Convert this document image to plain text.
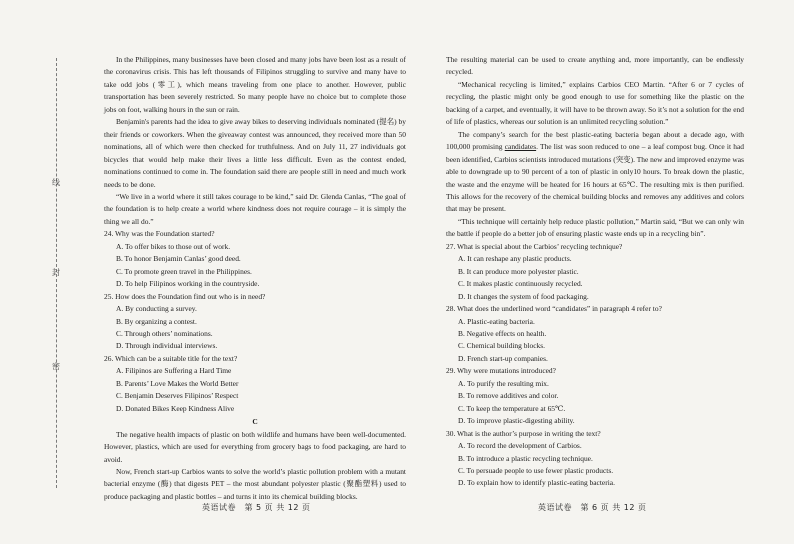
线
封
密

In the Philippines, many businesses have been closed and many jobs have been lost as a result of the coronavirus crisis. This has left thousands of Filipinos struggling to survive and many have to take odd jobs (零工), which means traveling from one place to another. However, public transportation has been severely restricted. So many people have no choice but to complete those jobs on foot, walking hours in the sun or rain.

Benjamin's parents had the idea to give away bikes to deserving individuals nominated (提名) by their friends or coworkers. When the giveaway contest was announced, they received more than 50 nominations, all of which were then checked for truthfulness. And on July 11, 27 individuals got bicycles that would help make their lives a little less difficult. Even as the contest ended, nominations continued to come in. The foundation said there are people still in need and much work needs to be done.

“We live in a world where it still takes courage to be kind,” said Dr. Glenda Canlas, “The goal of the foundation is to help create a world where kindness does not require courage – it is simply the thing we all do.”

24. Why was the Foundation started?

A. To offer bikes to those out of work.

B. To honor Benjamin Canlas’ good deed.

C. To promote green travel in the Philippines.

D. To help Filipinos working in the countryside.

25. How does the Foundation find out who is in need?

A. By conducting a survey.

B. By organizing a contest.

C. Through others’ nominations.

D. Through individual interviews.

26. Which can be a suitable title for the text?

A. Filipinos are Suffering a Hard Time

B. Parents’ Love Makes the World Better

C. Benjamin Deserves Filipinos’ Respect

D. Donated Bikes Keep Kindness Alive

C

The negative health impacts of plastic on both wildlife and humans have been well-documented. However, plastics, which are used for everything from grocery bags to food packaging, are hard to avoid.

Now, French start-up Carbios wants to solve the world’s plastic pollution problem with a mutant bacterial enzyme (酶) that digests PET – the most abundant polyester plastic (聚酯塑料) used to produce packaging and plastic bottles – and turns it into its chemical building blocks.

The resulting material can be used to create anything and, more importantly, can be endlessly recycled.

“Mechanical recycling is limited,” explains Carbios CEO Martin. “After 6 or 7 cycles of recycling, the plastic might only be good enough to use for something like the plastic on the backing of a carpet, and eventually, it will have to be thrown away. So it’s not a solution for the end of life of plastics, whereas our solution is an unlimited recycling solution.”

The company’s search for the best plastic-eating bacteria began about a decade ago, with 100,000 promising candidates. The list was soon reduced to one – a leaf compost bug. Once it had been identified, Carbios scientists introduced mutations (突变). The new and improved enzyme was able to downgrade up to 90 percent of a ton of plastic in only10 hours. To break down the plastic, the waste and the enzyme will be heated for 16 hours at 65℃. The resulting mix is then purified. This allows for the recovery of the chemical building blocks and removes any additives and colors that may be present.

“This technique will certainly help reduce plastic pollution,” Martin said, “But we can only win the battle if people do a better job of ensuring plastic waste ends up in a recycling bin”.

27. What is special about the Carbios’ recycling technique?

A. It can reshape any plastic products.

B. It can produce more polyester plastic.

C. It makes plastic continuously recycled.

D. It changes the system of food packaging.

28. What does the underlined word “candidates” in paragraph 4 refer to?

A. Plastic-eating bacteria.

B. Negative effects on health.

C. Chemical building blocks.

D. French start-up companies.

29. Why were mutations introduced?

A. To purify the resulting mix.

B. To remove additives and color.

C. To keep the temperature at 65℃.

D. To improve plastic-digesting ability.

30. What is the author’s purpose in writing the text?

A. To record the development of Carbios.

B. To introduce a plastic recycling technique.

C. To persuade people to use fewer plastic products.

D. To explain how to identify plastic-eating bacteria.

英语试卷　第 5 页 共 12 页	英语试卷　第 6 页 共 12 页
